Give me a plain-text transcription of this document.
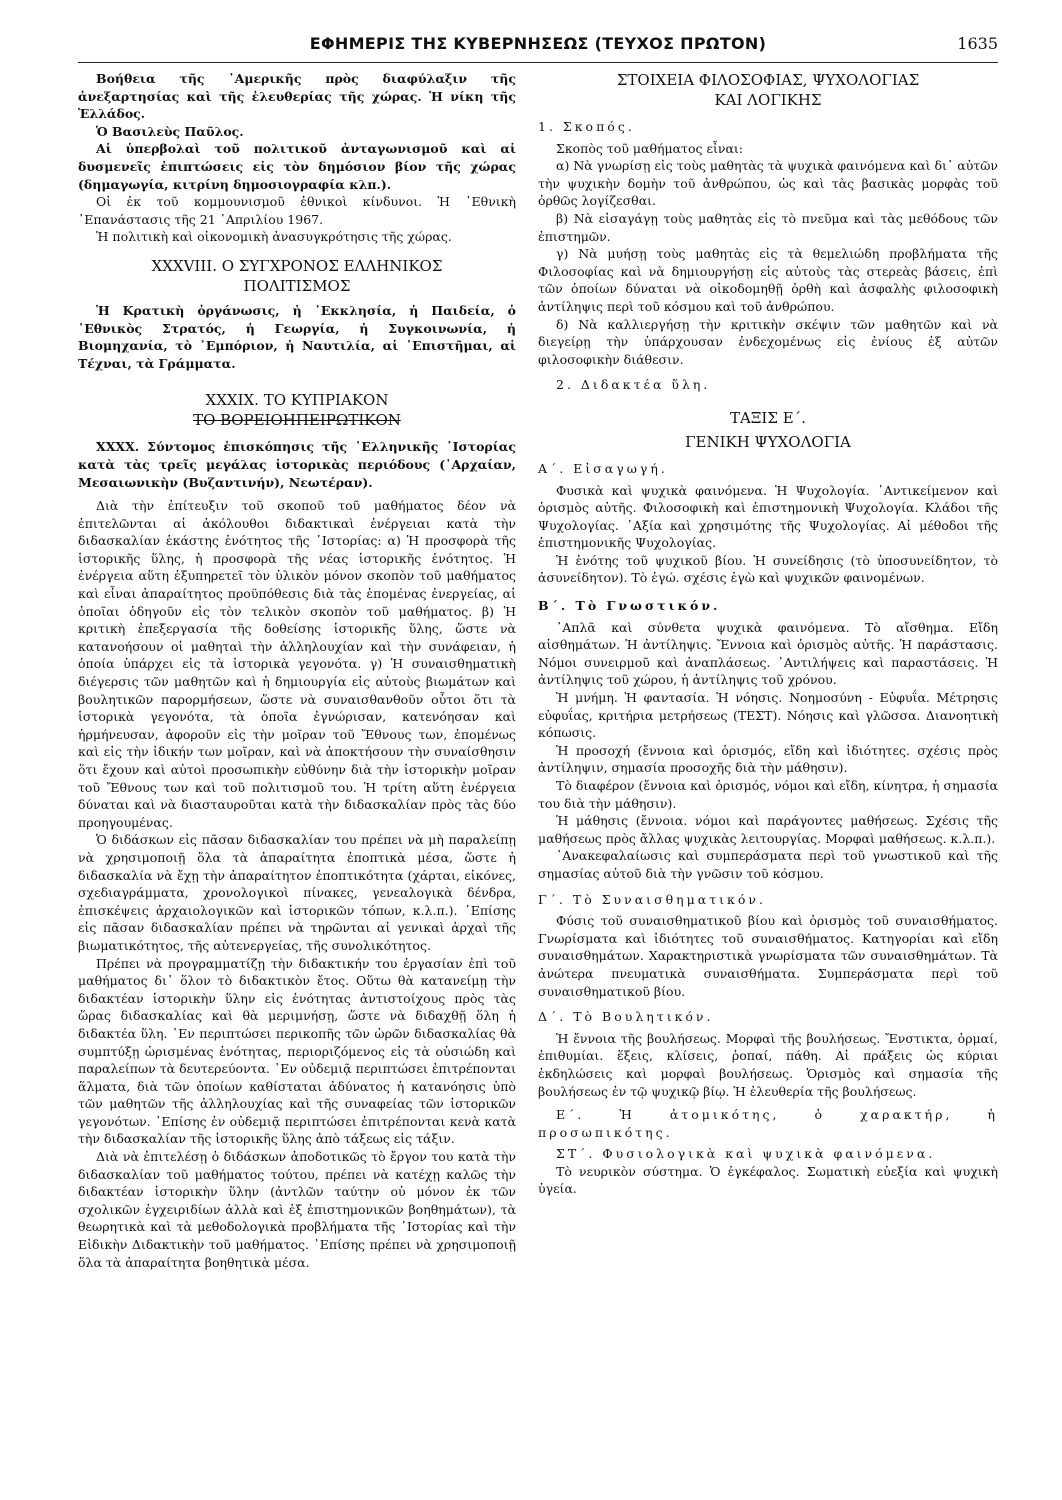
ΕΦΗΜΕΡΙΣ ΤΗΣ ΚΥΒΕΡΝΗΣΕΩΣ (ΤΕΥΧΟΣ ΠΡΩΤΟΝ)	1635

Βοήθεια τῆς ᾿Αμερικῆς πρὸς διαφύλαξιν τῆς ἀνεξαρτησίας καὶ τῆς ἐλευθερίας τῆς χώρας. Ἡ νίκη τῆς Ἑλλάδος.

Ὁ Βασιλεὺς Παῦλος.

Αἱ ὑπερβολαὶ τοῦ πολιτικοῦ ἀνταγωνισμοῦ καὶ αἱ δυσμενεῖς ἐπιπτώσεις εἰς τὸν δημόσιον βίον τῆς χώρας (δημαγωγία, κιτρίνη δημοσιογραφία κλπ.).

Οἱ ἐκ τοῦ κομμουνισμοῦ ἐθνικοὶ κίνδυνοι. Ἡ ᾿Εθνικὴ ᾿Επανάστασις τῆς 21 ᾿Απριλίου 1967.

Ἡ πολιτικὴ καὶ οἰκονομικὴ ἀνασυγκρότησις τῆς χώρας.

XXXVIII. Ο ΣΥΓΧΡΟΝΟΣ ΕΛΛΗΝΙΚΟΣ ΠΟΛΙΤΙΣΜΟΣ

Ἡ Κρατικὴ ὀργάνωσις, ἡ ᾿Εκκλησία, ἡ Παιδεία, ὁ ᾿Εθνικὸς Στρατός, ἡ Γεωργία, ἡ Συγκοινωνία, ἡ Βιομηχανία, τὸ ᾿Εμπόριον, ἡ Ναυτιλία, αἱ ᾿Επιστῆμαι, αἱ Τέχναι, τὰ Γράμματα.

XXXIX. ΤΟ ΚΥΠΡΙΑΚΟΝ
ΤΟ ΒΟΡΕΙΟΗΠΕΙΡΩΤΙΚΟΝ

XXXX. Σύντομος ἐπισκόπησις τῆς ῾Ελληνικῆς ῾Ιστορίας κατὰ τὰς τρεῖς μεγάλας ἱστορικὰς περιόδους (᾿Αρχαίαν, Μεσαιωνικὴν (Βυζαντινήν), Νεωτέραν).

Διὰ τὴν ἐπίτευξιν τοῦ σκοποῦ τοῦ μαθήματος δέον νὰ ἐπιτελῶνται αἱ ἀκόλουθοι διδακτικαὶ ἐνέργειαι κατὰ τὴν διδασκαλίαν ἑκάστης ἑνότητος τῆς ῾Ιστορίας: α) Ἡ προσφορὰ τῆς ἱστορικῆς ὕλης, ἡ προσφορὰ τῆς νέας ἱστορικῆς ἑνότητος. Ἡ ἐνέργεια αὕτη ἐξυπηρετεῖ τὸν ὑλικὸν μόνον σκοπὸν τοῦ μαθήματος καὶ εἶναι ἀπαραίτητος προϋπόθεσις διὰ τὰς ἑπομένας ἐνεργείας, αἱ ὁποῖαι ὁδηγοῦν εἰς τὸν τελικὸν σκοπὸν τοῦ μαθήματος. β) Ἡ κριτικὴ ἐπεξεργασία τῆς δοθείσης ἱστορικῆς ὕλης, ὥστε νὰ κατανοήσουν οἱ μαθηταὶ τὴν ἀλληλουχίαν καὶ τὴν συνάφειαν, ἡ ὁποία ὑπάρχει εἰς τὰ ἱστορικὰ γεγονότα. γ) Ἡ συναισθηματικὴ διέγερσις τῶν μαθητῶν καὶ ἡ δημιουργία εἰς αὐτοὺς βιωμάτων καὶ βουλητικῶν παρορμήσεων, ὥστε νὰ συναισθανθοῦν οὗτοι ὅτι τὰ ἱστορικὰ γεγονότα, τὰ ὁποῖα ἐγνώρισαν, κατενόησαν καὶ ἡρμήνευσαν, ἀφοροῦν εἰς τὴν μοῖραν τοῦ Ἔθνους των, ἐπομένως καὶ εἰς τὴν ἰδικήν των μοῖραν, καὶ νὰ ἀποκτήσουν τὴν συναίσθησιν ὅτι ἔχουν καὶ αὐτοὶ προσωπικὴν εὐθύνην διὰ τὴν ἱστορικὴν μοῖραν τοῦ Ἔθνους των καὶ τοῦ πολιτισμοῦ του. Ἡ τρίτη αὕτη ἐνέργεια δύναται καὶ νὰ διασταυροῦται κατὰ τὴν διδασκαλίαν πρὸς τὰς δύο προηγουμένας.

Ὁ διδάσκων εἰς πᾶσαν διδασκαλίαν του πρέπει νὰ μὴ παραλείπῃ νὰ χρησιμοποιῇ ὅλα τὰ ἀπαραίτητα ἐποπτικὰ μέσα, ὥστε ἡ διδασκαλία νὰ ἔχῃ τὴν ἀπαραίτητον ἐποπτικότητα (χάρται, εἰκόνες, σχεδιαγράμματα, χρονολογικοὶ πίνακες, γενεαλογικὰ δένδρα, ἐπισκέψεις ἀρχαιολογικῶν καὶ ἱστορικῶν τόπων, κ.λ.π.). ᾿Επίσης εἰς πᾶσαν διδασκαλίαν πρέπει νὰ τηρῶνται αἱ γενικαὶ ἀρχαὶ τῆς βιωματικότητος, τῆς αὐτενεργείας, τῆς συνολικότητος.

Πρέπει νὰ προγραμματίζῃ τὴν διδακτικήν του ἐργασίαν ἐπὶ τοῦ μαθήματος δι᾿ ὅλον τὸ διδακτικὸν ἔτος. Οὕτω θὰ κατανείμῃ τὴν διδακτέαν ἱστορικὴν ὕλην εἰς ἑνότητας ἀντιστοίχους πρὸς τὰς ὥρας διδασκαλίας καὶ θὰ μεριμνήσῃ, ὥστε νὰ διδαχθῇ ὅλη ἡ διδακτέα ὕλη. ᾿Εν περιπτώσει περικοπῆς τῶν ὡρῶν διδασκαλίας θὰ συμπτύξῃ ὡρισμένας ἑνότητας, περιοριζόμενος εἰς τὰ οὐσιώδη καὶ παραλείπων τὰ δευτερεύοντα. ᾿Εν οὐδεμιᾷ περιπτώσει ἐπιτρέπονται ἅλματα, διὰ τῶν ὁποίων καθίσταται ἀδύνατος ἡ κατανόησις ὑπὸ τῶν μαθητῶν τῆς ἀλληλουχίας καὶ τῆς συναφείας τῶν ἱστορικῶν γεγονότων. ᾿Επίσης ἐν οὐδεμιᾷ περιπτώσει ἐπιτρέπονται κενὰ κατὰ τὴν διδασκαλίαν τῆς ἱστορικῆς ὕλης ἀπὸ τάξεως εἰς τάξιν.

Διὰ νὰ ἐπιτελέσῃ ὁ διδάσκων ἀποδοτικῶς τὸ ἔργον του κατὰ τὴν διδασκαλίαν τοῦ μαθήματος τούτου, πρέπει νὰ κατέχῃ καλῶς τὴν διδακτέαν ἱστορικὴν ὕλην (ἀντλῶν ταύτην οὐ μόνον ἐκ τῶν σχολικῶν ἐγχειριδίων ἀλλὰ καὶ ἐξ ἐπιστημονικῶν βοηθημάτων), τὰ θεωρητικὰ καὶ τὰ μεθοδολογικὰ προβλήματα τῆς ῾Ιστορίας καὶ τὴν Εἰδικὴν Διδακτικὴν τοῦ μαθήματος. ᾿Επίσης πρέπει νὰ χρησιμοποιῇ ὅλα τὰ ἀπαραίτητα βοηθητικὰ μέσα.

ΣΤΟΙΧΕΙΑ ΦΙΛΟΣΟΦΙΑΣ, ΨΥΧΟΛΟΓΙΑΣ
ΚΑΙ ΛΟΓΙΚΗΣ

1. Σκοπός.

Σκοπὸς τοῦ μαθήματος εἶναι:

α) Νὰ γνωρίσῃ εἰς τοὺς μαθητὰς τὰ ψυχικὰ φαινόμενα καὶ δι᾿ αὐτῶν τὴν ψυχικὴν δομὴν τοῦ ἀνθρώπου, ὡς καὶ τὰς βασικὰς μορφὰς τοῦ ὀρθῶς λογίζεσθαι.

β) Νὰ εἰσαγάγῃ τοὺς μαθητὰς εἰς τὸ πνεῦμα καὶ τὰς μεθόδους τῶν ἐπιστημῶν.

γ) Νὰ μυήσῃ τοὺς μαθητὰς εἰς τὰ θεμελιώδη προβλήματα τῆς Φιλοσοφίας καὶ νὰ δημιουργήσῃ εἰς αὐτοὺς τὰς στερεὰς βάσεις, ἐπὶ τῶν ὁποίων δύναται νὰ οἰκοδομηθῇ ὀρθὴ καὶ ἀσφαλὴς φιλοσοφικὴ ἀντίληψις περὶ τοῦ κόσμου καὶ τοῦ ἀνθρώπου.

δ) Νὰ καλλιεργήσῃ τὴν κριτικὴν σκέψιν τῶν μαθητῶν καὶ νὰ διεγείρῃ τὴν ὑπάρχουσαν ἐνδεχομένως εἰς ἐνίους ἐξ αὐτῶν φιλοσοφικὴν διάθεσιν.

2. Διδακτέα ὕλη.

ΤΑΞΙΣ Ε΄.
ΓΕΝΙΚΗ ΨΥΧΟΛΟΓΙΑ

Α΄. Εἰσαγωγή.

Φυσικὰ καὶ ψυχικὰ φαινόμενα. Ἡ Ψυχολογία. ᾿Αντικείμενον καὶ ὁρισμὸς αὐτῆς. Φιλοσοφικὴ καὶ ἐπιστημονικὴ Ψυχολογία. Κλάδοι τῆς Ψυχολογίας. ᾿Αξία καὶ χρησιμότης τῆς Ψυχολογίας. Αἱ μέθοδοι τῆς ἐπιστημονικῆς Ψυχολογίας.

Ἡ ἑνότης τοῦ ψυχικοῦ βίου. Ἡ συνείδησις (τὸ ὑποσυνείδητον, τὸ ἀσυνείδητον). Τὸ ἐγώ. σχέσις ἐγὼ καὶ ψυχικῶν φαινομένων.

Β΄. Τὸ Γνωστικόν.

᾿Απλᾶ καὶ σύνθετα ψυχικὰ φαινόμενα. Τὸ αἴσθημα. Εἴδη αἰσθημάτων. Ἡ ἀντίληψις. Ἔννοια καὶ ὁρισμὸς αὐτῆς. Ἡ παράστασις. Νόμοι συνειρμοῦ καὶ ἀναπλάσεως. ᾿Αντιλήψεις καὶ παραστάσεις. Ἡ ἀντίληψις τοῦ χώρου, ἡ ἀντίληψις τοῦ χρόνου.

Ἡ μνήμη. Ἡ φαντασία. Ἡ νόησις. Νοημοσύνη - Εὐφυΐα. Μέτρησις εὐφυΐας, κριτήρια μετρήσεως (ΤΕΣΤ). Νόησις καὶ γλῶσσα. Διανοητικὴ κόπωσις.

Ἡ προσοχή (ἔννοια καὶ ὁρισμός, εἴδη καὶ ἰδιότητες. σχέσις πρὸς ἀντίληψιν, σημασία προσοχῆς διὰ τὴν μάθησιν).

Τὸ διαφέρον (ἔννοια καὶ ὁρισμός, νόμοι καὶ εἴδη, κίνητρα, ἡ σημασία του διὰ τὴν μάθησιν).

Ἡ μάθησις (ἔννοια. νόμοι καὶ παράγοντες μαθήσεως. Σχέσις τῆς μαθήσεως πρὸς ἄλλας ψυχικὰς λειτουργίας. Μορφαὶ μαθήσεως. κ.λ.π.).

᾿Ανακεφαλαίωσις καὶ συμπεράσματα περὶ τοῦ γνωστικοῦ καὶ τῆς σημασίας αὐτοῦ διὰ τὴν γνῶσιν τοῦ κόσμου.

Γ΄. Τὸ Συναισθηματικόν.

Φύσις τοῦ συναισθηματικοῦ βίου καὶ ὁρισμὸς τοῦ συναισθήματος. Γνωρίσματα καὶ ἰδιότητες τοῦ συναισθήματος. Κατηγορίαι καὶ εἴδη συναισθημάτων. Χαρακτηριστικὰ γνωρίσματα τῶν συναισθημάτων. Τὰ ἀνώτερα πνευματικὰ συναισθήματα. Συμπεράσματα περὶ τοῦ συναισθηματικοῦ βίου.

Δ΄. Τὸ Βουλητικόν.

Ἡ ἔννοια τῆς βουλήσεως. Μορφαὶ τῆς βουλήσεως. Ἔνστικτα, ὁρμαί, ἐπιθυμίαι. ἕξεις, κλίσεις, ῥοπαί, πάθη. Αἱ πράξεις ὡς κύριαι ἐκδηλώσεις καὶ μορφαὶ βουλήσεως. Ὁρισμὸς καὶ σημασία τῆς βουλήσεως ἐν τῷ ψυχικῷ βίῳ. Ἡ ἐλευθερία τῆς βουλήσεως.

Ε΄. Ἡ ἀτομικότης, ὁ χαρακτήρ, ἡ προσωπικότης.

ΣΤ΄. Φυσιολογικὰ καὶ ψυχικὰ φαινόμενα.

Τὸ νευρικὸν σύστημα. Ὁ ἐγκέφαλος. Σωματικὴ εὐεξία καὶ ψυχικὴ ὑγεία.
